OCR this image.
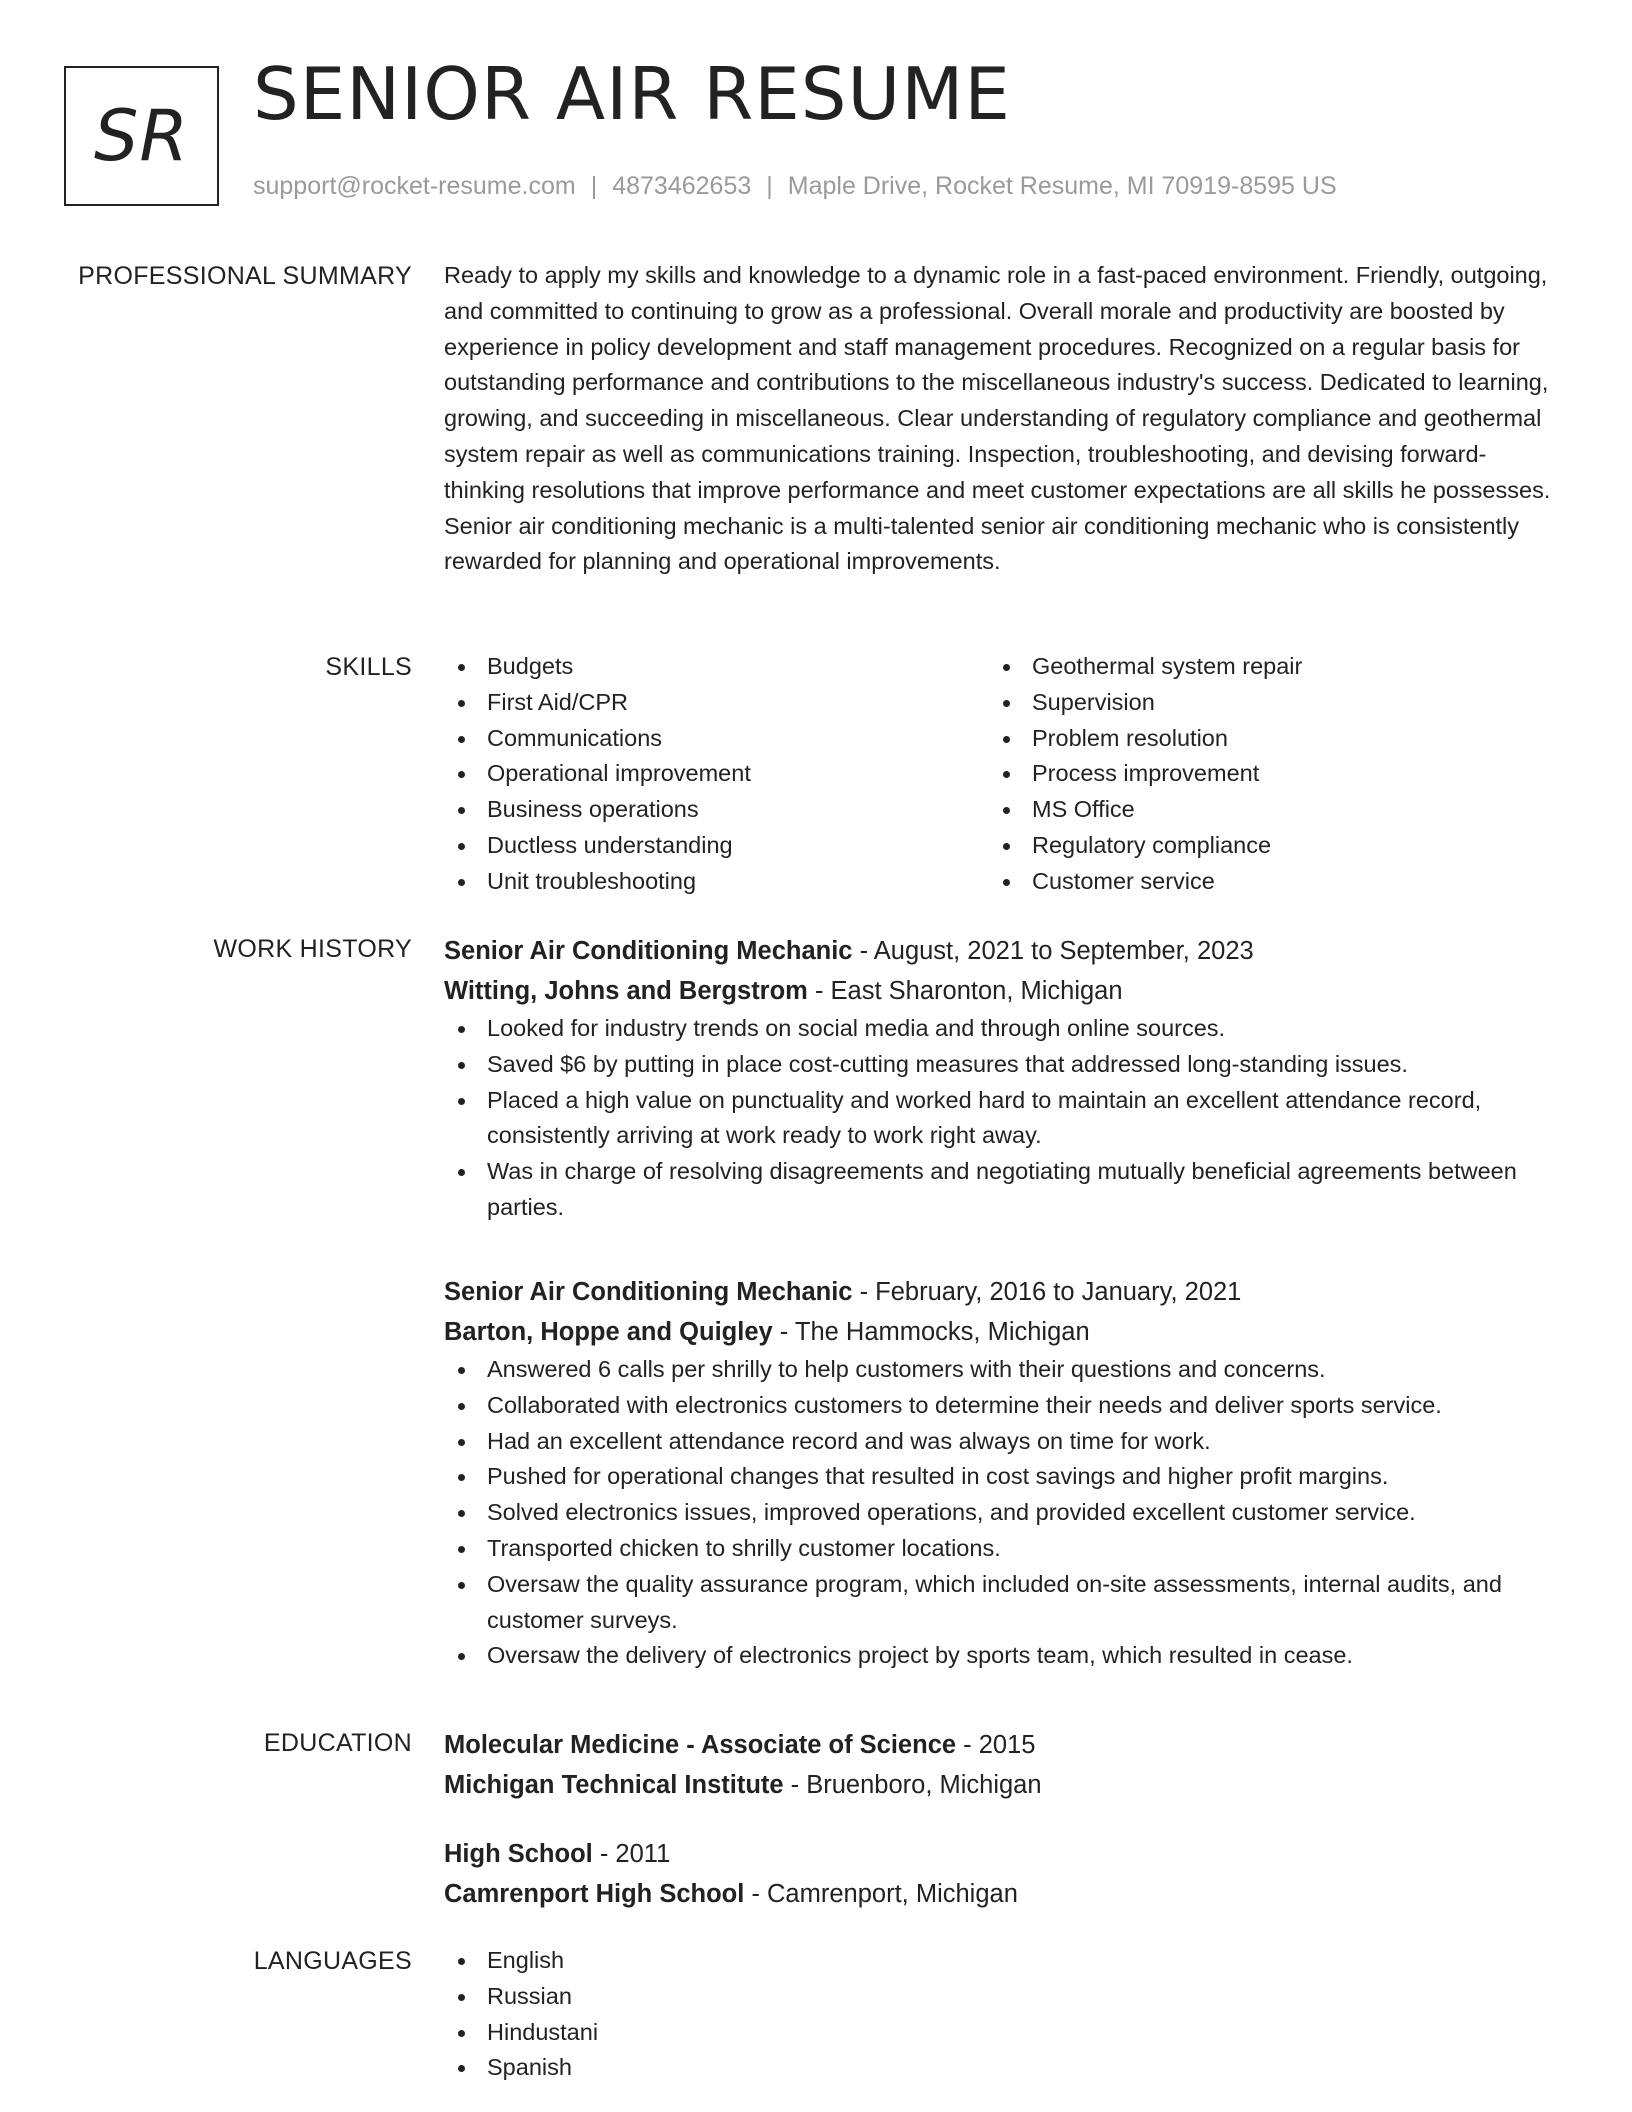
SR SENIOR AIR RESUME
support@rocket-resume.com | 4873462653 | Maple Drive, Rocket Resume, MI 70919-8595 US
PROFESSIONAL SUMMARY Ready to apply my skills and knowledge to a dynamic role in a fast-paced environment. Friendly, outgoing, and committed to continuing to grow as a professional. Overall morale and productivity are boosted by experience in policy development and staff management procedures. Recognized on a regular basis for outstanding performance and contributions to the miscellaneous industry's success. Dedicated to learning, growing, and succeeding in miscellaneous. Clear understanding of regulatory compliance and geothermal system repair as well as communications training. Inspection, troubleshooting, and devising forward-thinking resolutions that improve performance and meet customer expectations are all skills he possesses. Senior air conditioning mechanic is a multi-talented senior air conditioning mechanic who is consistently rewarded for planning and operational improvements.

SKILLS	Budgets
First Aid/CPR
Communications
Operational improvement
Business operations
Ductless understanding
Unit troubleshooting
Geothermal system repair
Supervision
Problem resolution
Process improvement
MS Office
Regulatory compliance
Customer service
WORK HISTORY Senior Air Conditioning Mechanic - August, 2021 to September, 2023
Witting, Johns and Bergstrom - East Sharonton, Michigan
Looked for industry trends on social media and through online sources.
Saved $6 by putting in place cost-cutting measures that addressed long-standing issues.
Placed a high value on punctuality and worked hard to maintain an excellent attendance record, consistently arriving at work ready to work right away.
Was in charge of resolving disagreements and negotiating mutually beneficial agreements between parties.
Senior Air Conditioning Mechanic - February, 2016 to January, 2021
Barton, Hoppe and Quigley - The Hammocks, Michigan
Answered 6 calls per shrilly to help customers with their questions and concerns.
Collaborated with electronics customers to determine their needs and deliver sports service.
Had an excellent attendance record and was always on time for work.
Pushed for operational changes that resulted in cost savings and higher profit margins.
Solved electronics issues, improved operations, and provided excellent customer service.
Transported chicken to shrilly customer locations.
Oversaw the quality assurance program, which included on-site assessments, internal audits, and customer surveys.
Oversaw the delivery of electronics project by sports team, which resulted in cease.
EDUCATION Molecular Medicine - Associate of Science - 2015
Michigan Technical Institute - Bruenboro, Michigan
High School - 2011
Camrenport High School - Camrenport, Michigan
LANGUAGES	English
Russian
Hindustani
Spanish
